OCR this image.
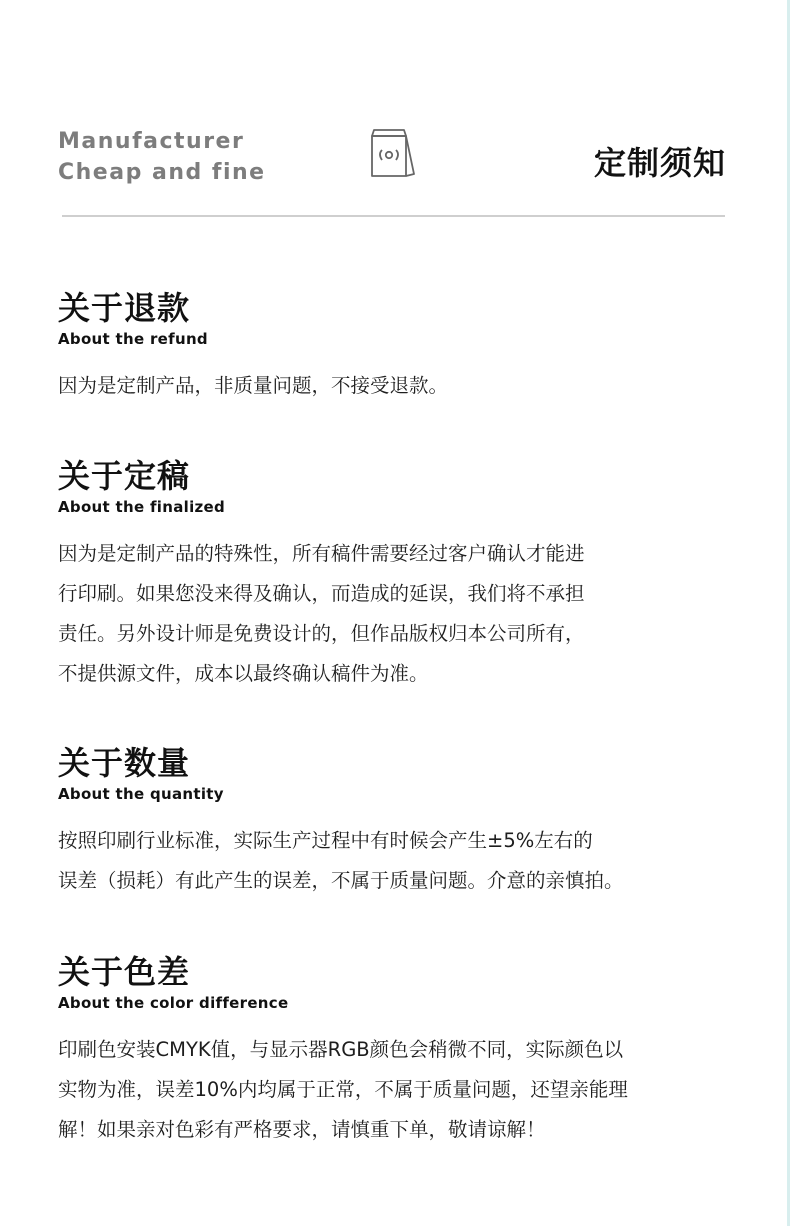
Manufacturer
Cheap and fine	定制须知
关于退款
About the refund

因为是定制产品，非质量问题，不接受退款。

关于定稿
About the finalized

因为是定制产品的特殊性，所有稿件需要经过客户确认才能进

行印刷。如果您没来得及确认，而造成的延误，我们将不承担

责任。另外设计师是免费设计的，但作品版权归本公司所有，

不提供源文件，成本以最终确认稿件为准。

关于数量
About the quantity

按照印刷行业标准，实际生产过程中有时候会产生±5%左右的

误差（损耗）有此产生的误差，不属于质量问题。介意的亲慎拍。

关于色差
About the color difference

印刷色安装CMYK值，与显示器RGB颜色会稍微不同，实际颜色以

实物为准，误差10%内均属于正常，不属于质量问题，还望亲能理

解！如果亲对色彩有严格要求，请慎重下单，敬请谅解！
